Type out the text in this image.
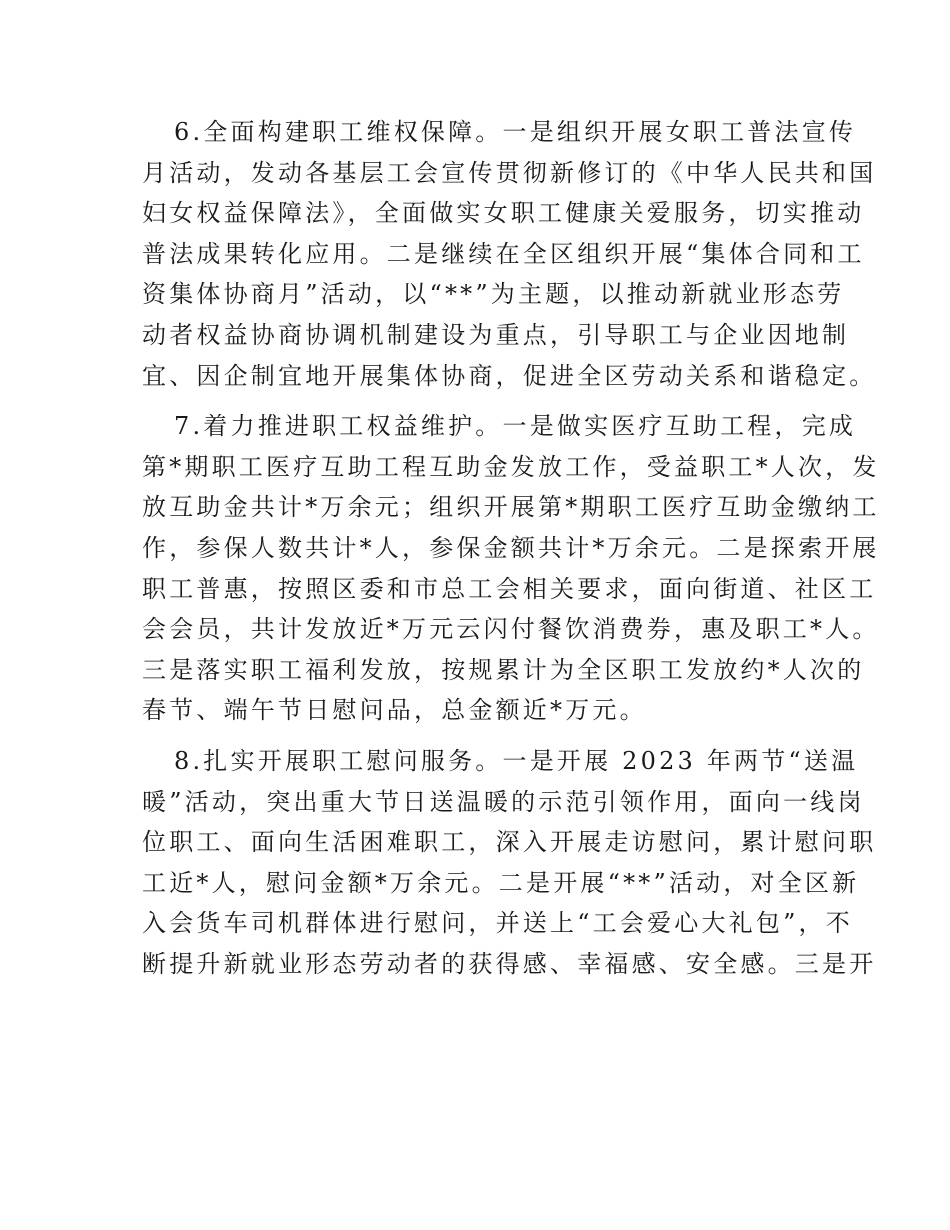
6.全面构建职工维权保障。一是组织开展女职工普法宣传
月活动，发动各基层工会宣传贯彻新修订的《中华人民共和国
妇女权益保障法》，全面做实女职工健康关爱服务，切实推动
普法成果转化应用。二是继续在全区组织开展“集体合同和工
资集体协商月”活动，以“**”为主题，以推动新就业形态劳
动者权益协商协调机制建设为重点，引导职工与企业因地制
宜、因企制宜地开展集体协商，促进全区劳动关系和谐稳定。

7.着力推进职工权益维护。一是做实医疗互助工程，完成
第*期职工医疗互助工程互助金发放工作，受益职工*人次，发
放互助金共计*万余元；组织开展第*期职工医疗互助金缴纳工
作，参保人数共计*人，参保金额共计*万余元。二是探索开展
职工普惠，按照区委和市总工会相关要求，面向街道、社区工
会会员，共计发放近*万元云闪付餐饮消费券，惠及职工*人。
三是落实职工福利发放，按规累计为全区职工发放约*人次的
春节、端午节日慰问品，总金额近*万元。

8.扎实开展职工慰问服务。一是开展 2023 年两节“送温
暖”活动，突出重大节日送温暖的示范引领作用，面向一线岗
位职工、面向生活困难职工，深入开展走访慰问，累计慰问职
工近*人，慰问金额*万余元。二是开展“**”活动，对全区新
入会货车司机群体进行慰问，并送上“工会爱心大礼包”，不
断提升新就业形态劳动者的获得感、幸福感、安全感。三是开
